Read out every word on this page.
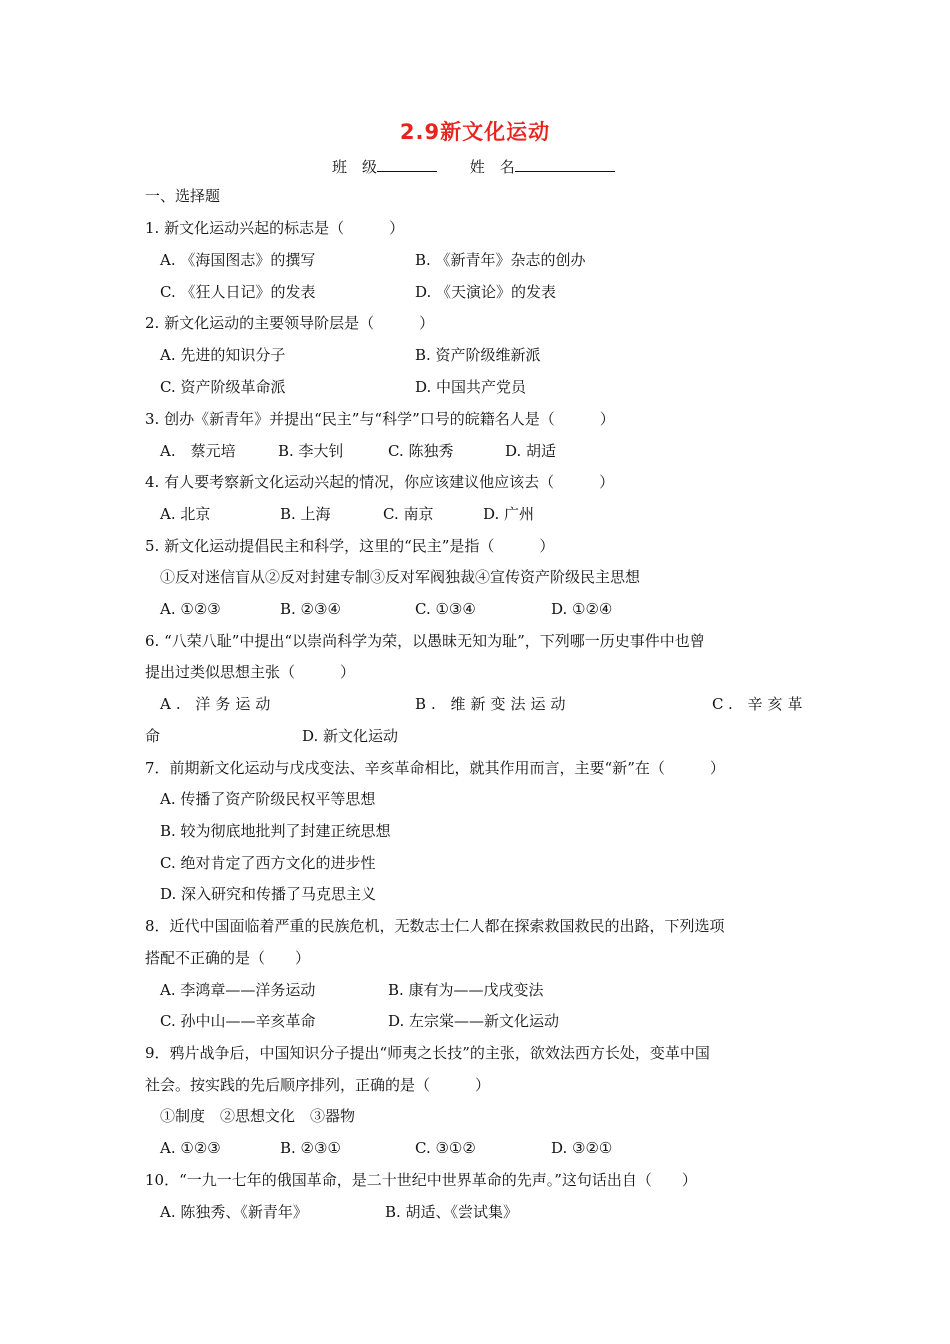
2.9新文化运动
班　级	姓　名
一、选择题
1. 新文化运动兴起的标志是（　　　）
A. 《海国图志》的撰写	B. 《新青年》杂志的创办
C. 《狂人日记》的发表	D. 《天演论》的发表
2. 新文化运动的主要领导阶层是（　　　）
A. 先进的知识分子	B. 资产阶级维新派
C. 资产阶级革命派	D. 中国共产党员
3. 创办《新青年》并提出“民主”与“科学”口号的皖籍名人是（　　　）
A.　蔡元培	B. 李大钊	C. 陈独秀	D. 胡适
4. 有人要考察新文化运动兴起的情况，你应该建议他应该去（　　　）
A. 北京	B. 上海	C. 南京	D. 广州
5. 新文化运动提倡民主和科学，这里的“民主”是指（　　　）
①反对迷信盲从②反对封建专制③反对军阀独裁④宣传资产阶级民主思想
A. ①②③	B. ②③④	C. ①③④	D. ①②④
6. “八荣八耻”中提出“以崇尚科学为荣，以愚昧无知为耻”，下列哪一历史事件中也曾
提出过类似思想主张（　　　）
A. 洋务运动	B. 维新变法运动	C. 辛亥革
命	D. 新文化运动
7．前期新文化运动与戊戌变法、辛亥革命相比，就其作用而言，主要“新”在（　　　）
A. 传播了资产阶级民权平等思想
B. 较为彻底地批判了封建正统思想
C. 绝对肯定了西方文化的进步性
D. 深入研究和传播了马克思主义
8．近代中国面临着严重的民族危机，无数志士仁人都在探索救国救民的出路，下列选项
搭配不正确的是（　　）
A. 李鸿章——洋务运动	B. 康有为——戊戌变法
C. 孙中山——辛亥革命	D. 左宗棠——新文化运动
9．鸦片战争后，中国知识分子提出“师夷之长技”的主张，欲效法西方长处，变革中国
社会。按实践的先后顺序排列，正确的是（　　　）
①制度　②思想文化　③器物
A. ①②③	B. ②③①	C. ③①②	D. ③②①
10．“一九一七年的俄国革命，是二十世纪中世界革命的先声。”这句话出自（　　）
A. 陈独秀、《新青年》	B. 胡适、《尝试集》
